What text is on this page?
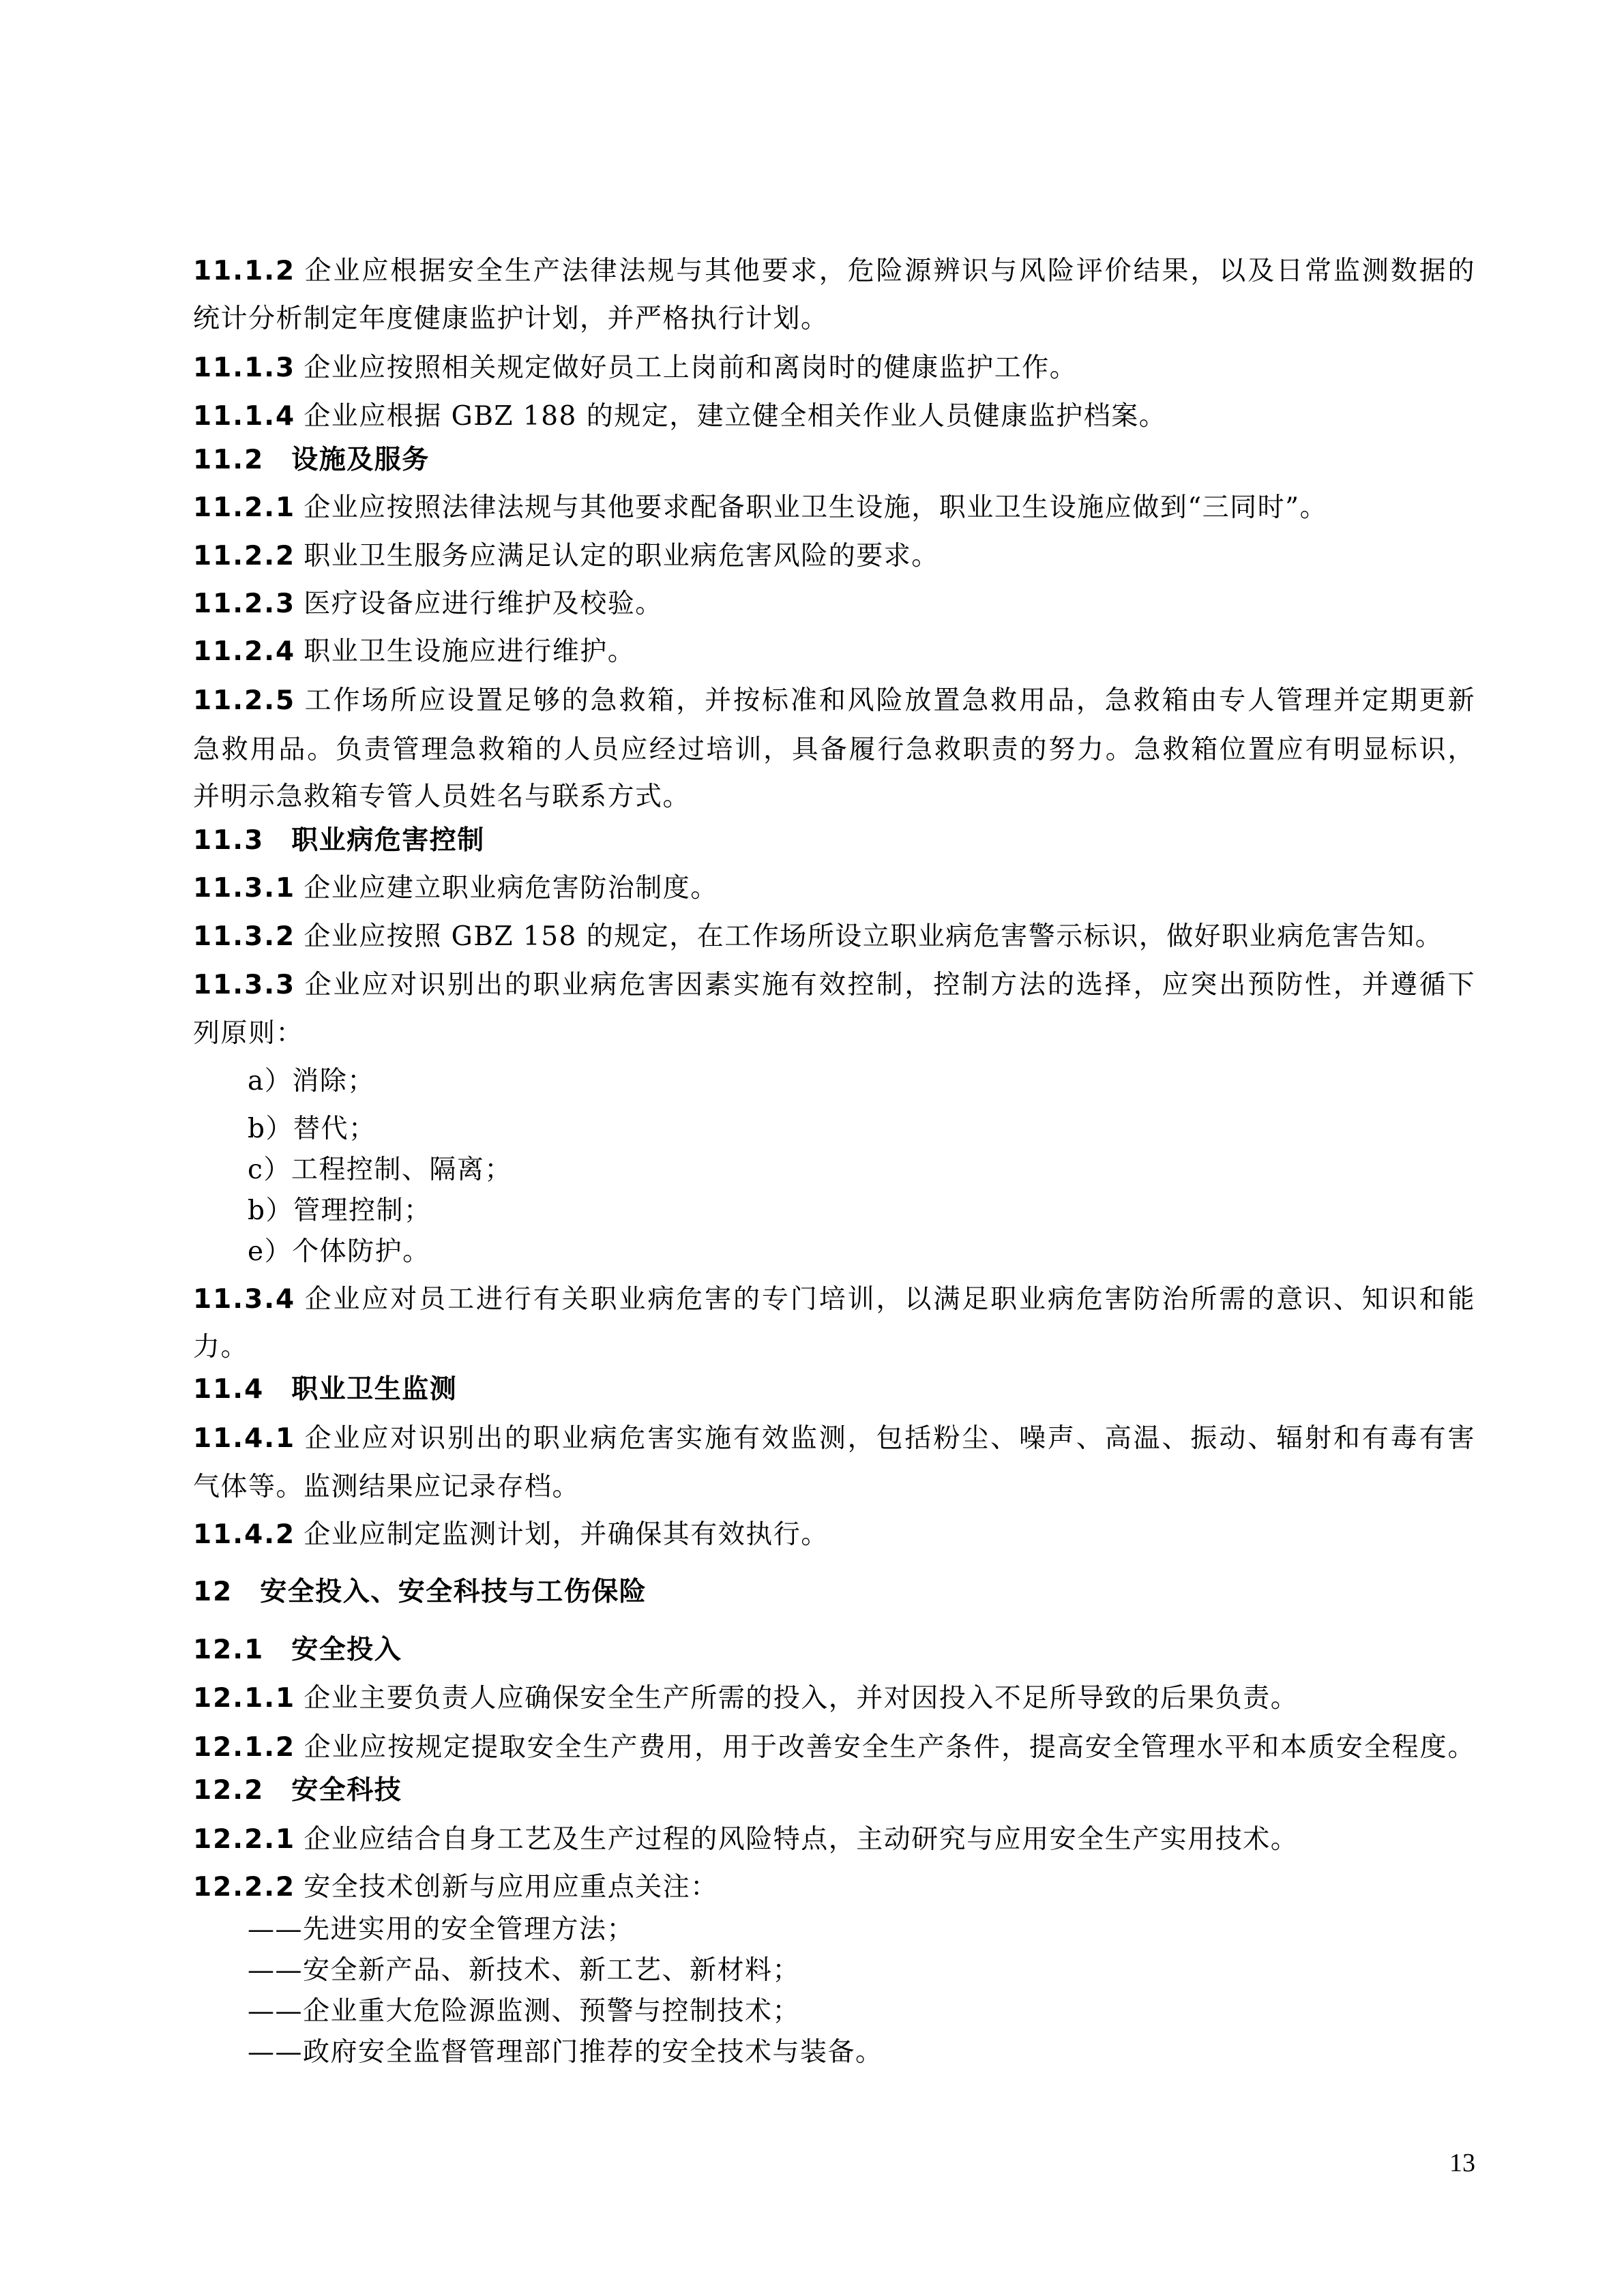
11.1.2 企业应根据安全生产法律法规与其他要求，危险源辨识与风险评价结果，以及日常监测数据的
统计分析制定年度健康监护计划，并严格执行计划。
11.1.3 企业应按照相关规定做好员工上岗前和离岗时的健康监护工作。
11.1.4 企业应根据 GBZ 188 的规定，建立健全相关作业人员健康监护档案。
11.2 设施及服务
11.2.1 企业应按照法律法规与其他要求配备职业卫生设施，职业卫生设施应做到“三同时”。
11.2.2 职业卫生服务应满足认定的职业病危害风险的要求。
11.2.3 医疗设备应进行维护及校验。
11.2.4 职业卫生设施应进行维护。
11.2.5 工作场所应设置足够的急救箱，并按标准和风险放置急救用品，急救箱由专人管理并定期更新
急救用品。负责管理急救箱的人员应经过培训，具备履行急救职责的努力。急救箱位置应有明显标识，
并明示急救箱专管人员姓名与联系方式。
11.3 职业病危害控制
11.3.1 企业应建立职业病危害防治制度。
11.3.2 企业应按照 GBZ 158 的规定，在工作场所设立职业病危害警示标识，做好职业病危害告知。
11.3.3 企业应对识别出的职业病危害因素实施有效控制，控制方法的选择，应突出预防性，并遵循下
列原则：
a）消除；
b）替代；
c）工程控制、隔离；
b）管理控制；
e）个体防护。
11.3.4 企业应对员工进行有关职业病危害的专门培训，以满足职业病危害防治所需的意识、知识和能
力。
11.4 职业卫生监测
11.4.1 企业应对识别出的职业病危害实施有效监测，包括粉尘、噪声、高温、振动、辐射和有毒有害
气体等。监测结果应记录存档。
11.4.2 企业应制定监测计划，并确保其有效执行。
12 安全投入、安全科技与工伤保险
12.1 安全投入
12.1.1 企业主要负责人应确保安全生产所需的投入，并对因投入不足所导致的后果负责。
12.1.2 企业应按规定提取安全生产费用，用于改善安全生产条件，提高安全管理水平和本质安全程度。
12.2 安全科技
12.2.1 企业应结合自身工艺及生产过程的风险特点，主动研究与应用安全生产实用技术。
12.2.2 安全技术创新与应用应重点关注：
——先进实用的安全管理方法；
——安全新产品、新技术、新工艺、新材料；
——企业重大危险源监测、预警与控制技术；
——政府安全监督管理部门推荐的安全技术与装备。
13
